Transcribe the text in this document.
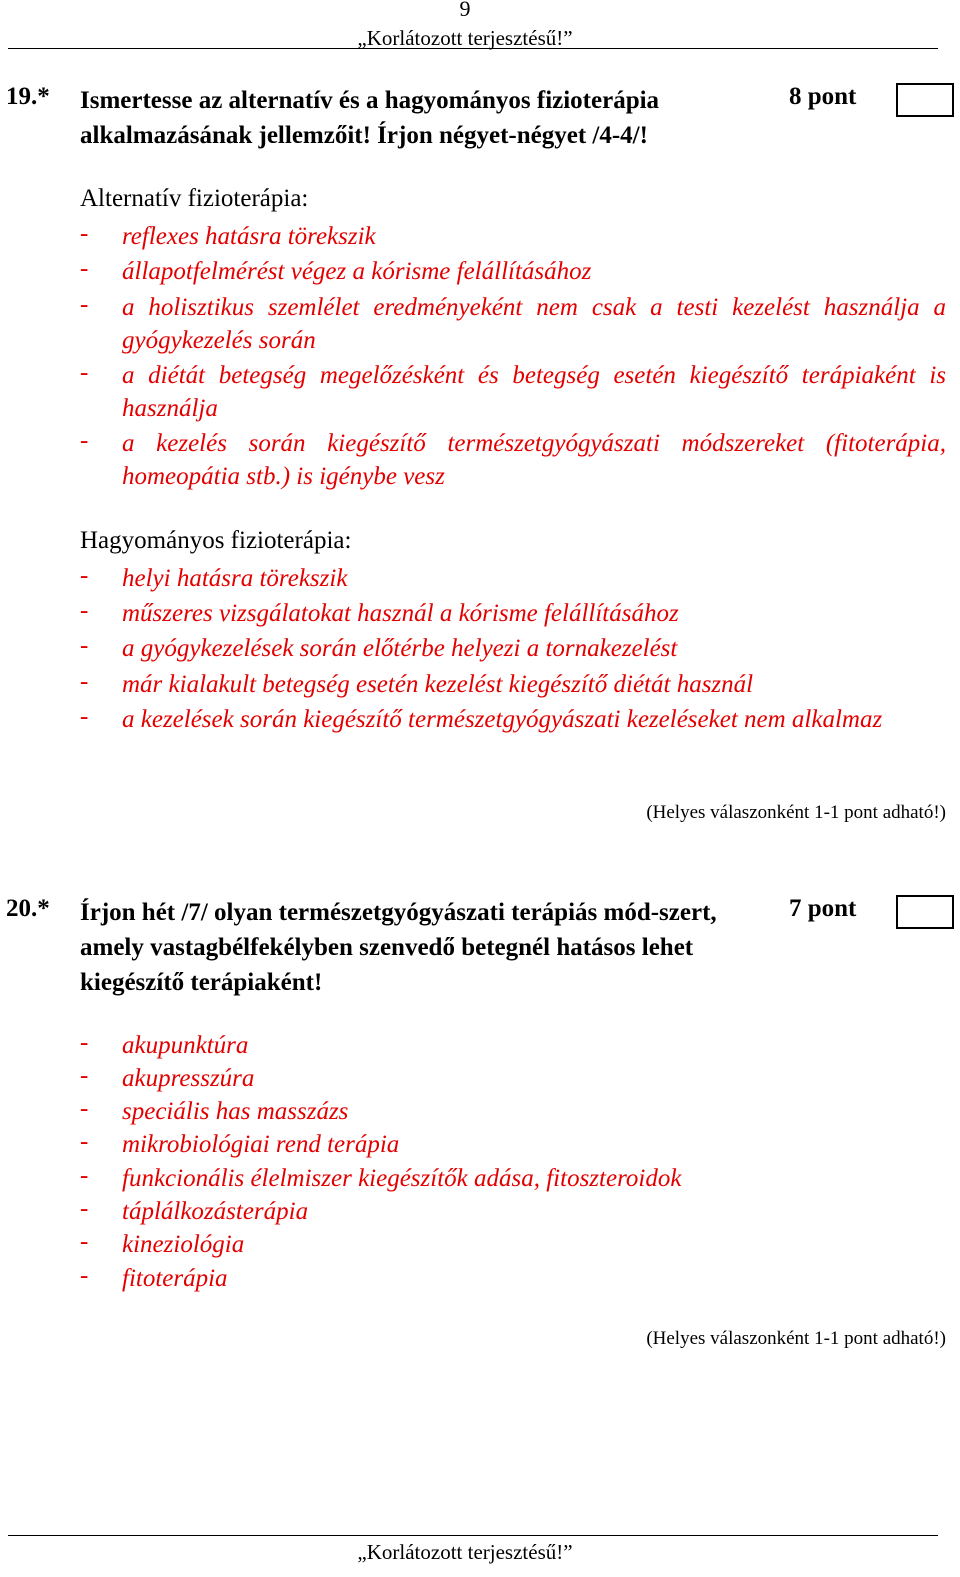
9
„Korlátozott terjesztésű!”
19.* Ismertesse az alternatív és a hagyományos fizioterápia alkalmazásának jellemzőit! Írjon négyet-négyet /4-4/!
8 pont
Alternatív fizioterápia:
-	reflexes hatásra törekszik
-	állapotfelmérést végez a kórisme felállításához
-	a holisztikus szemlélet eredményeként nem csak a testi kezelést használja a gyógykezelés során
-	a diétát betegség megelőzésként és betegség esetén kiegészítő terápiaként is használja
-	a kezelés során kiegészítő természetgyógyászati módszereket (fitoterápia, homeopátia stb.) is igénybe vesz
Hagyományos fizioterápia:
-	helyi hatásra törekszik
-	műszeres vizsgálatokat használ a kórisme felállításához
-	a gyógykezelések során előtérbe helyezi a tornakezelést
-	már kialakult betegség esetén kezelést kiegészítő diétát használ
-	a kezelések során kiegészítő természetgyógyászati kezeléseket nem alkalmaz
(Helyes válaszonként 1-1 pont adható!)
20.* Írjon hét /7/ olyan természetgyógyászati terápiás mód-szert, amely vastagbélfekélyben szenvedő betegnél hatásos lehet kiegészítő terápiaként!
7 pont
-	akupunktúra
-	akupresszúra
-	speciális has masszázs
-	mikrobiológiai rend terápia
-	funkcionális élelmiszer kiegészítők adása, fitoszteroidok
-	táplálkozásterápia
-	kineziológia
-	fitoterápia
(Helyes válaszonként 1-1 pont adható!)
„Korlátozott terjesztésű!”
